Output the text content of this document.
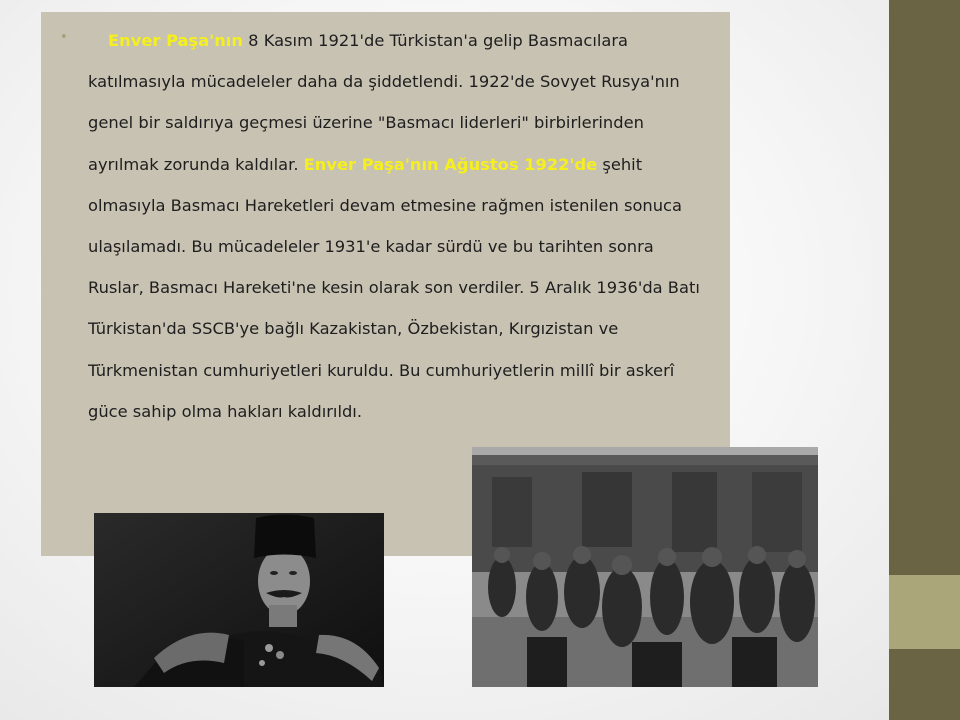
•	Enver Paşa'nın 8 Kasım 1921'de Türkistan'a gelip Basmacılara katılmasıyla mücadeleler daha da şiddetlendi. 1922'de Sovyet Rusya'nın genel bir saldırıya geçmesi üzerine "Basmacı liderleri" birbirlerinden ayrılmak zorunda kaldılar. Enver Paşa'nın Ağustos 1922'de şehit olmasıyla Basmacı Hareketleri devam etmesine rağmen istenilen sonuca ulaşılamadı. Bu mücadeleler 1931'e kadar sürdü ve bu tarihten sonra Ruslar, Basmacı Hareketi'ne kesin olarak son verdiler. 5 Aralık 1936'da Batı Türkistan'da SSCB'ye bağlı Kazakistan, Özbekistan, Kırgızistan ve Türkmenistan cumhuriyetleri kuruldu. Bu cumhuriyetlerin millî bir askerî güce sahip olma hakları kaldırıldı.
